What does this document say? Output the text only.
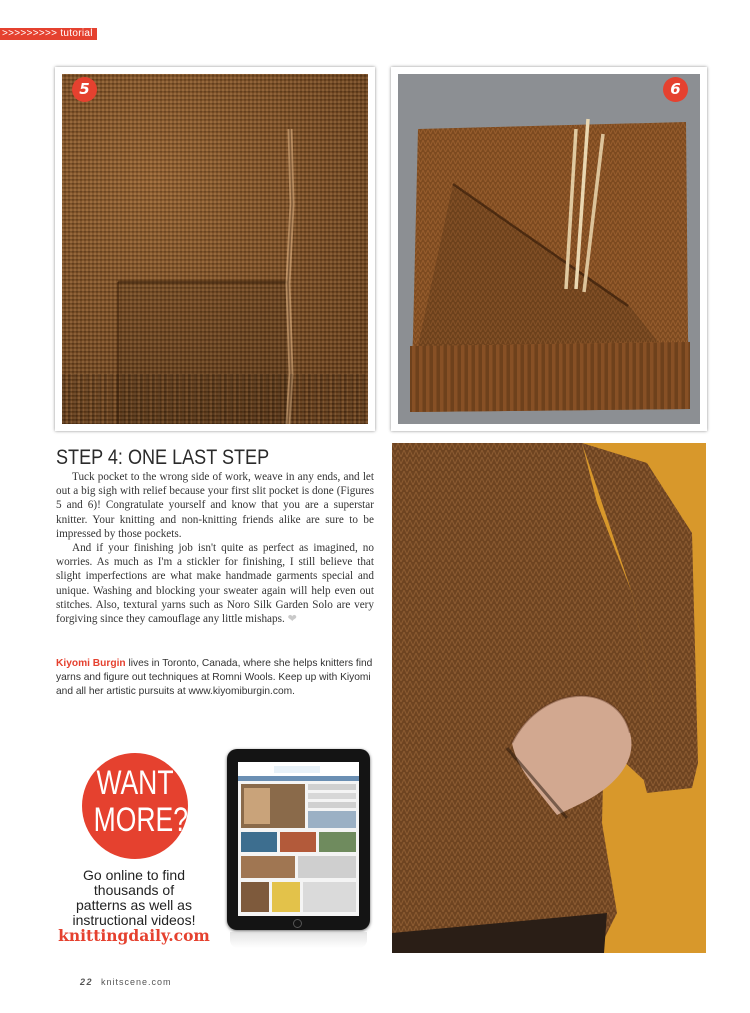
>>>>>>>>> tutorial
5	6
STEP 4: ONE LAST STEP

Tuck pocket to the wrong side of work, weave in any ends, and let out a big sigh with relief because your first slit pocket is done (Figures 5 and 6)! Congratulate yourself and know that you are a superstar knitter. Your knitting and non-knitting friends alike are sure to be impressed by those pockets.

And if your finishing job isn't quite as perfect as imagined, no worries. As much as I'm a stickler for finishing, I still believe that slight imperfections are what make handmade garments special and unique. Washing and blocking your sweater again will help even out stitches. Also, textural yarns such as Noro Silk Garden Solo are very forgiving since they camouflage any little mishaps. ❤

Kiyomi Burgin lives in Toronto, Canada, where she helps knitters find yarns and figure out techniques at Romni Wools. Keep up with Kiyomi and all her artistic pursuits at www.kiyomiburgin.com.
WANT
MORE?
Go online to find
thousands of
patterns as well as
instructional videos!
knittingdaily.com
22 knitscene.com
